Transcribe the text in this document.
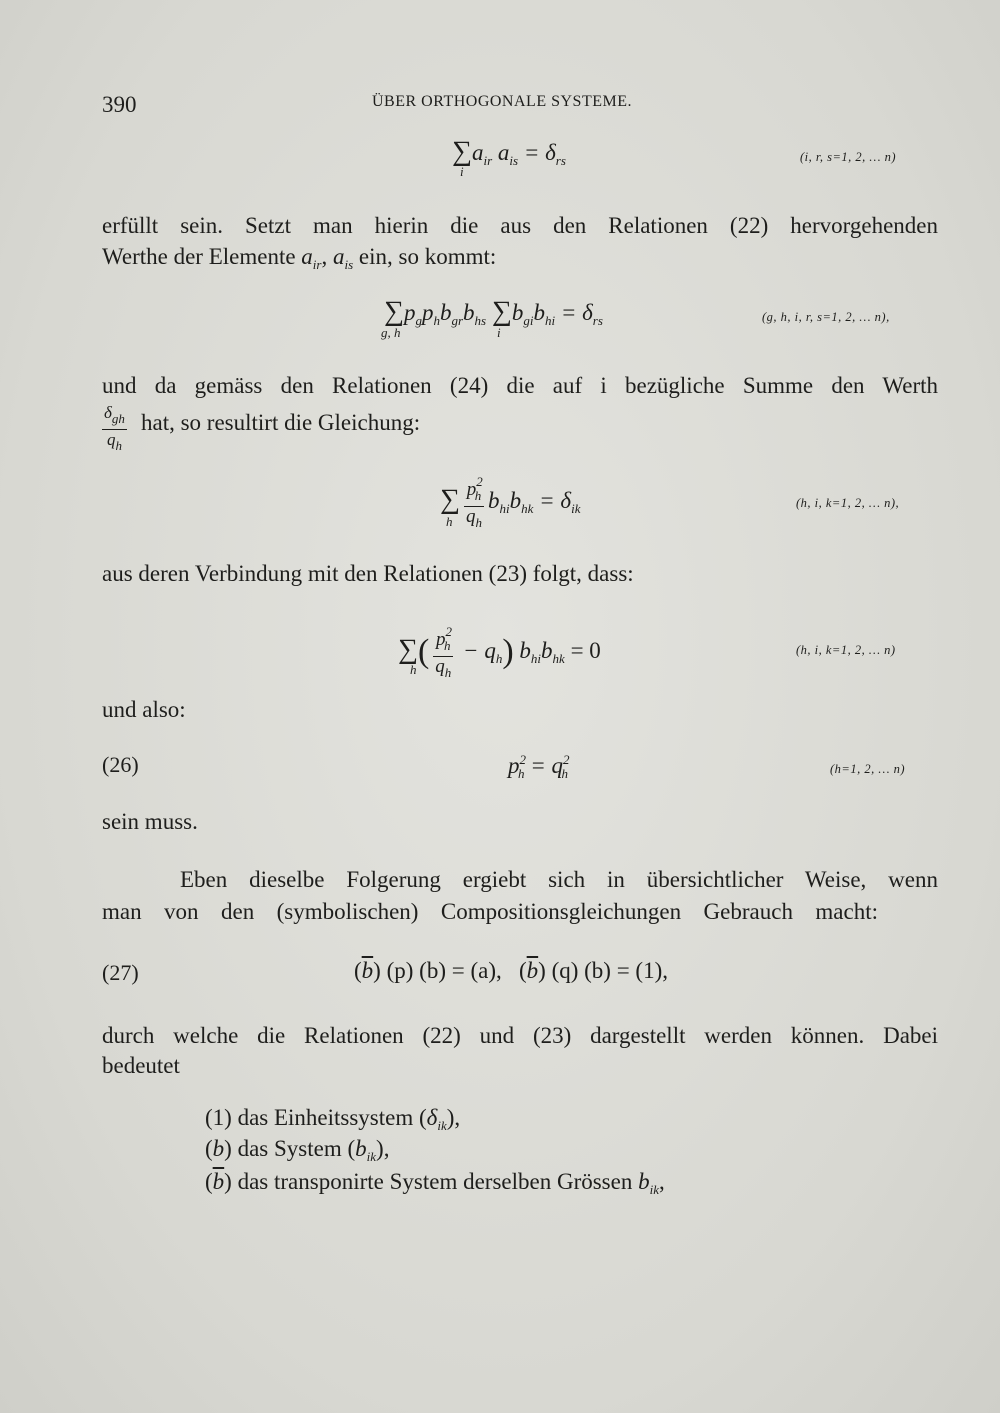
390	ÜBER ORTHOGONALE SYSTEME.
$\sum a_{ir}$ $a_{is} = \delta_{rs}$
i
(i, r, s=1, 2, … n)
erfüllt sein. Setzt man hierin die aus den Relationen (22) hervorgehenden
Werthe der Elemente $a_{ir}$, $a_{is}$ ein, so kommt:
$\sum p_gp_hb_{gr}b_{hs}$ $\sum b_{gi}b_{hi} = \delta_{rs}$
g, h	i
(g, h, i, r, s=1, 2, … n),
und da gemäss den Relationen (24) die auf i bezügliche Summe den Werth
$\frac{\delta_{gh}}{q_h}$ hat, so resultirt die Gleichung:
∑ $\frac{p^2_h}{q_h} b_{hi}b_{hk} = \delta_{ik}$
h
(h, i, k=1, 2, … n),
aus deren Verbindung mit den Relationen (23) folgt, dass:
∑( $\frac{p^2_h}{q_h} - q_h$) $b_{hi}b_{hk} = 0$
h
(h, i, k=1, 2, … n)
und also:
(26)	$p^2_h = q^2_h$	(h=1, 2, … n)
sein muss.
Eben dieselbe Folgerung ergiebt sich in übersichtlicher Weise, wenn
man von den (symbolischen) Compositionsgleichungen Gebrauch macht:
(27)	$(\overline{b})$ (p) (b) = (a),   $(\overline{b})$ (q) (b) = (1),
durch welche die Relationen (22) und (23) dargestellt werden können. Dabei
bedeutet
(1) das Einheitssystem $(\delta_{ik})$,
(b) das System $(b_{ik})$,
$(\overline{b})$ das transponirte System derselben Grössen $b_{ik}$,
